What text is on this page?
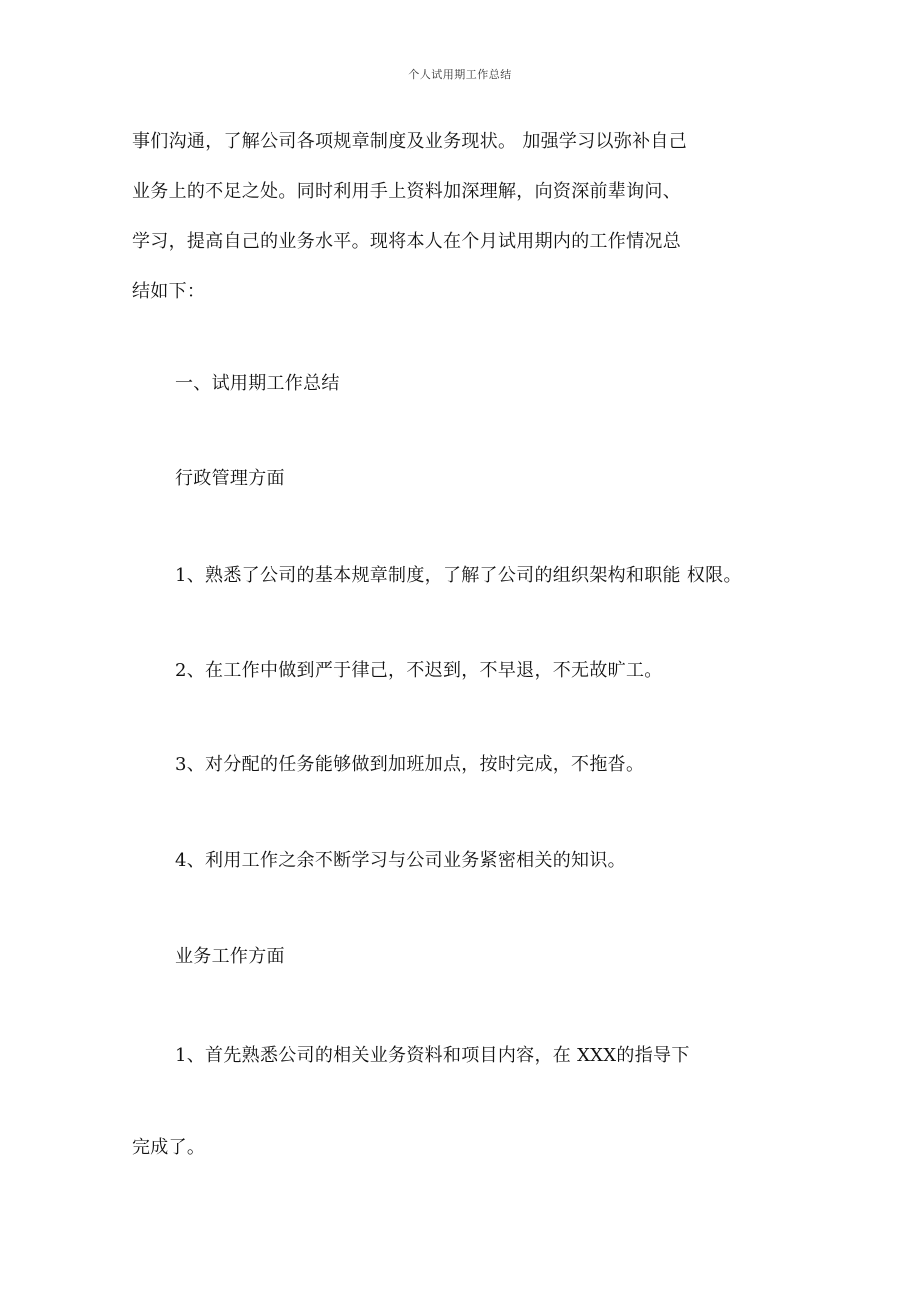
个人试用期工作总结
事们沟通，了解公司各项规章制度及业务现状。 加强学习以弥补自己
业务上的不足之处。同时利用手上资料加深理解，向资深前辈询问、
学习，提高自己的业务水平。现将本人在个月试用期内的工作情况总
结如下：
一、试用期工作总结
行政管理方面
1、熟悉了公司的基本规章制度，了解了公司的组织架构和职能 权限。
2、在工作中做到严于律己，不迟到，不早退，不无故旷工。
3、对分配的任务能够做到加班加点，按时完成，不拖沓。
4、利用工作之余不断学习与公司业务紧密相关的知识。
业务工作方面
1、首先熟悉公司的相关业务资料和项目内容，在 XXX的指导下
完成了。
